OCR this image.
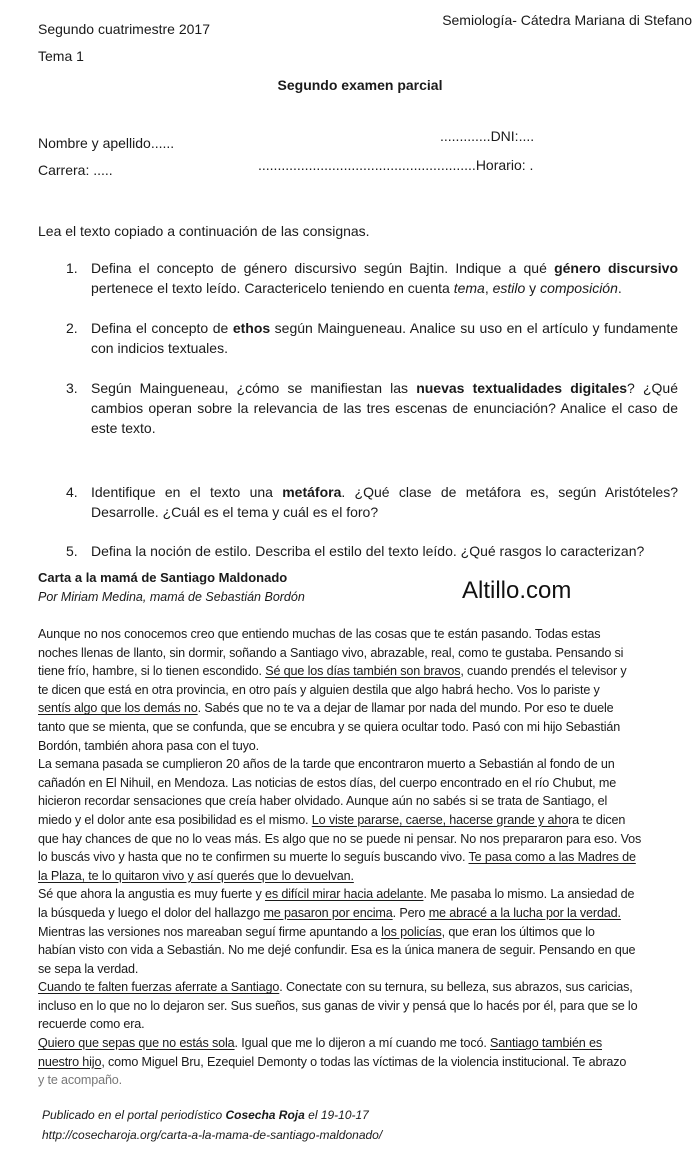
Segundo cuatrimestre 2017
Semiología- Cátedra Mariana di Stefano
Tema 1
Segundo examen parcial
Nombre y apellido......	.............DNI:....
Carrera: .....	........................................................Horario: .
Lea el texto copiado a continuación de las consignas.
1. Defina el concepto de género discursivo según Bajtin. Indique a qué género discursivo pertenece el texto leído. Caractericelo teniendo en cuenta tema, estilo y composición.
2. Defina el concepto de ethos según Maingueneau. Analice su uso en el artículo y fundamente con indicios textuales.
3. Según Maingueneau, ¿cómo se manifiestan las nuevas textualidades digitales? ¿Qué cambios operan sobre la relevancia de las tres escenas de enunciación? Analice el caso de este texto.
4. Identifique en el texto una metáfora. ¿Qué clase de metáfora es, según Aristóteles? Desarrolle. ¿Cuál es el tema y cuál es el foro?
5. Defina la noción de estilo. Describa el estilo del texto leído. ¿Qué rasgos lo caracterizan?
Carta a la mamá de Santiago Maldonado
Por Miriam Medina, mamá de Sebastián Bordón	Altillo.com
Aunque no nos conocemos creo que entiendo muchas de las cosas que te están pasando. Todas estas
noches llenas de llanto, sin dormir, soñando a Santiago vivo, abrazable, real, como te gustaba. Pensando si
tiene frío, hambre, si lo tienen escondido. Sé que los días también son bravos, cuando prendés el televisor y
te dicen que está en otra provincia, en otro país y alguien destila que algo habrá hecho. Vos lo pariste y
sentís algo que los demás no. Sabés que no te va a dejar de llamar por nada del mundo. Por eso te duele
tanto que se mienta, que se confunda, que se encubra y se quiera ocultar todo. Pasó con mi hijo Sebastián
Bordón, también ahora pasa con el tuyo.
La semana pasada se cumplieron 20 años de la tarde que encontraron muerto a Sebastián al fondo de un
cañadón en El Nihuil, en Mendoza. Las noticias de estos días, del cuerpo encontrado en el río Chubut, me
hicieron recordar sensaciones que creía haber olvidado. Aunque aún no sabés si se trata de Santiago, el
miedo y el dolor ante esa posibilidad es el mismo. Lo viste pararse, caerse, hacerse grande y ahora te dicen
que hay chances de que no lo veas más. Es algo que no se puede ni pensar. No nos prepararon para eso. Vos
lo buscás vivo y hasta que no te confirmen su muerte lo seguís buscando vivo. Te pasa como a las Madres de
la Plaza, te lo quitaron vivo y así querés que lo devuelvan.
Sé que ahora la angustia es muy fuerte y es difícil mirar hacia adelante. Me pasaba lo mismo. La ansiedad de
la búsqueda y luego el dolor del hallazgo me pasaron por encima. Pero me abracé a la lucha por la verdad.
Mientras las versiones nos mareaban seguí firme apuntando a los policías, que eran los últimos que lo
habían visto con vida a Sebastián. No me dejé confundir. Esa es la única manera de seguir. Pensando en que
se sepa la verdad.
Cuando te falten fuerzas aferrate a Santiago. Conectate con su ternura, su belleza, sus abrazos, sus caricias,
incluso en lo que no lo dejaron ser. Sus sueños, sus ganas de vivir y pensá que lo hacés por él, para que se lo
recuerde como era.
Quiero que sepas que no estás sola. Igual que me lo dijeron a mí cuando me tocó. Santiago también es
nuestro hijo, como Miguel Bru, Ezequiel Demonty o todas las víctimas de la violencia institucional. Te abrazo
y te acompaño.
Publicado en el portal periodístico Cosecha Roja el 19-10-17
http://cosecharoja.org/carta-a-la-mama-de-santiago-maldonado/
